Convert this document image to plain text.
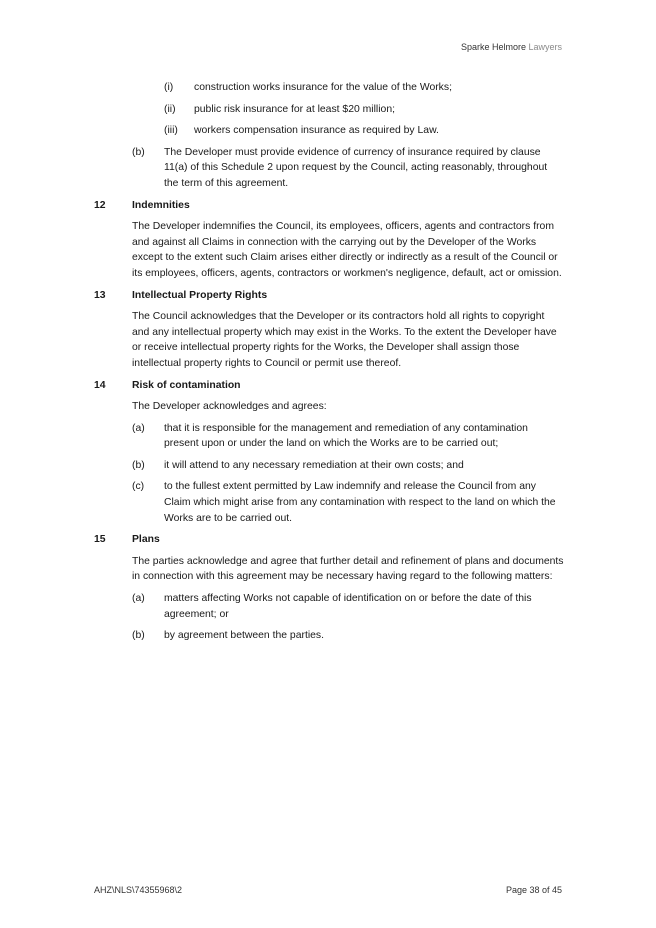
Sparke Helmore Lawyers
(i)	construction works insurance for the value of the Works;
(ii)	public risk insurance for at least $20 million;
(iii)	workers compensation insurance as required by Law.
(b)	The Developer must provide evidence of currency of insurance required by clause 11(a) of this Schedule 2 upon request by the Council, acting reasonably, throughout the term of this agreement.
12	Indemnities
The Developer indemnifies the Council, its employees, officers, agents and contractors from and against all Claims in connection with the carrying out by the Developer of the Works except to the extent such Claim arises either directly or indirectly as a result of the Council or its employees, officers, agents, contractors or workmen's negligence, default, act or omission.
13	Intellectual Property Rights
The Council acknowledges that the Developer or its contractors hold all rights to copyright and any intellectual property which may exist in the Works. To the extent the Developer have or receive intellectual property rights for the Works, the Developer shall assign those intellectual property rights to Council or permit use thereof.
14	Risk of contamination
The Developer acknowledges and agrees:
(a)	that it is responsible for the management and remediation of any contamination present upon or under the land on which the Works are to be carried out;
(b)	it will attend to any necessary remediation at their own costs; and
(c)	to the fullest extent permitted by Law indemnify and release the Council from any Claim which might arise from any contamination with respect to the land on which the Works are to be carried out.
15	Plans
The parties acknowledge and agree that further detail and refinement of plans and documents in connection with this agreement may be necessary having regard to the following matters:
(a)	matters affecting Works not capable of identification on or before the date of this agreement; or
(b)	by agreement between the parties.
AHZ\NLS\74355968\2	Page 38 of 45
